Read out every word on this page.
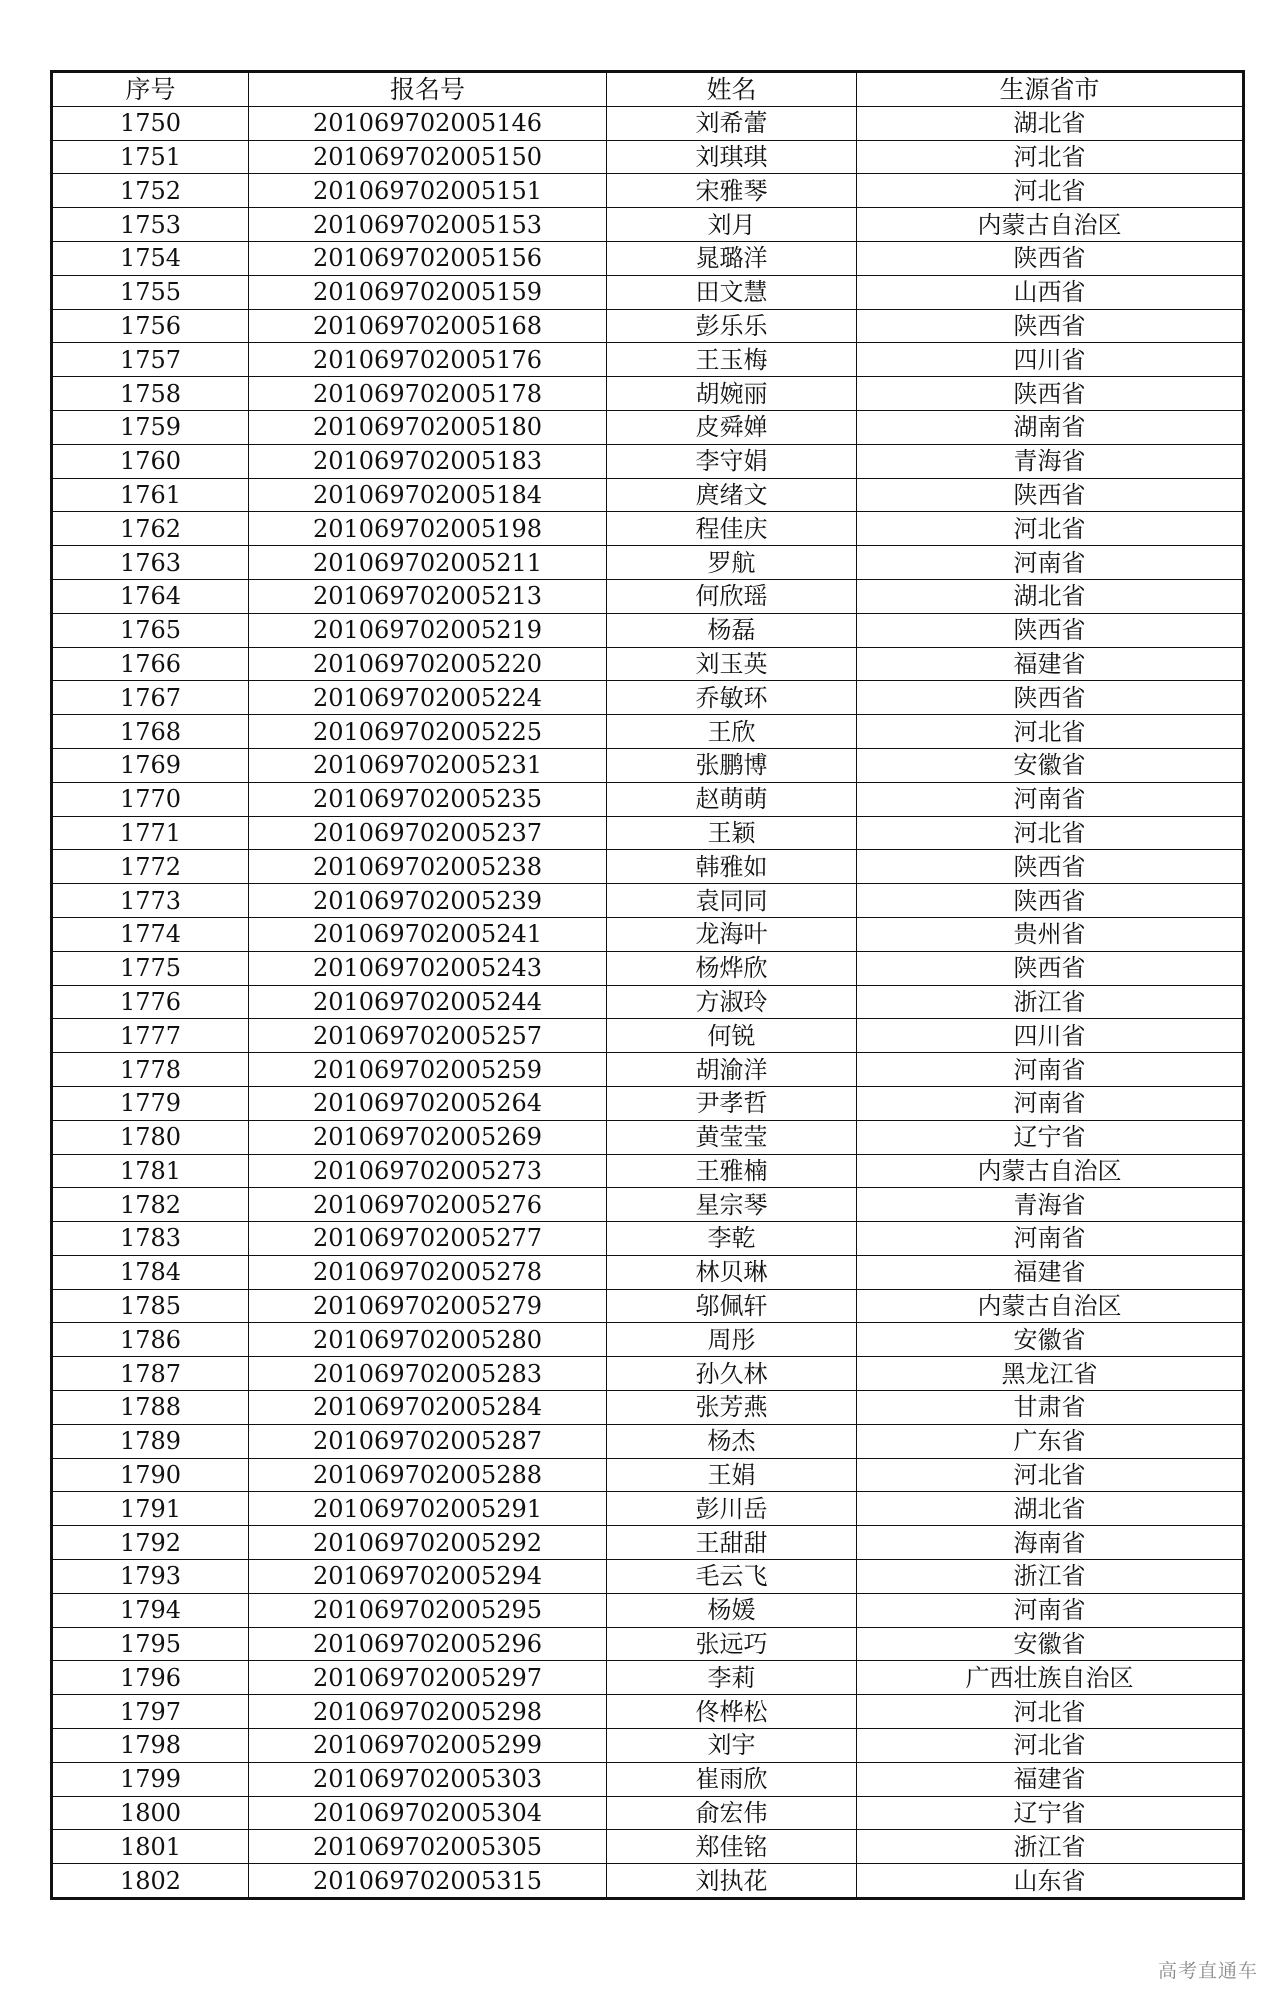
序号	报名号	姓名	生源省市
1750	201069702005146	刘希蕾	湖北省
1751	201069702005150	刘琪琪	河北省
1752	201069702005151	宋雅琴	河北省
1753	201069702005153	刘月	内蒙古自治区
1754	201069702005156	晁璐洋	陕西省
1755	201069702005159	田文慧	山西省
1756	201069702005168	彭乐乐	陕西省
1757	201069702005176	王玉梅	四川省
1758	201069702005178	胡婉丽	陕西省
1759	201069702005180	皮舜婵	湖南省
1760	201069702005183	李守娟	青海省
1761	201069702005184	庹绪文	陕西省
1762	201069702005198	程佳庆	河北省
1763	201069702005211	罗航	河南省
1764	201069702005213	何欣瑶	湖北省
1765	201069702005219	杨磊	陕西省
1766	201069702005220	刘玉英	福建省
1767	201069702005224	乔敏环	陕西省
1768	201069702005225	王欣	河北省
1769	201069702005231	张鹏博	安徽省
1770	201069702005235	赵萌萌	河南省
1771	201069702005237	王颖	河北省
1772	201069702005238	韩雅如	陕西省
1773	201069702005239	袁同同	陕西省
1774	201069702005241	龙海叶	贵州省
1775	201069702005243	杨烨欣	陕西省
1776	201069702005244	方淑玲	浙江省
1777	201069702005257	何锐	四川省
1778	201069702005259	胡渝洋	河南省
1779	201069702005264	尹孝哲	河南省
1780	201069702005269	黄莹莹	辽宁省
1781	201069702005273	王雅楠	内蒙古自治区
1782	201069702005276	星宗琴	青海省
1783	201069702005277	李乾	河南省
1784	201069702005278	林贝琳	福建省
1785	201069702005279	邬佩轩	内蒙古自治区
1786	201069702005280	周彤	安徽省
1787	201069702005283	孙久林	黑龙江省
1788	201069702005284	张芳燕	甘肃省
1789	201069702005287	杨杰	广东省
1790	201069702005288	王娟	河北省
1791	201069702005291	彭川岳	湖北省
1792	201069702005292	王甜甜	海南省
1793	201069702005294	毛云飞	浙江省
1794	201069702005295	杨媛	河南省
1795	201069702005296	张远巧	安徽省
1796	201069702005297	李莉	广西壮族自治区
1797	201069702005298	佟桦松	河北省
1798	201069702005299	刘宇	河北省
1799	201069702005303	崔雨欣	福建省
1800	201069702005304	俞宏伟	辽宁省
1801	201069702005305	郑佳铭	浙江省
1802	201069702005315	刘执花	山东省
高考直通车
